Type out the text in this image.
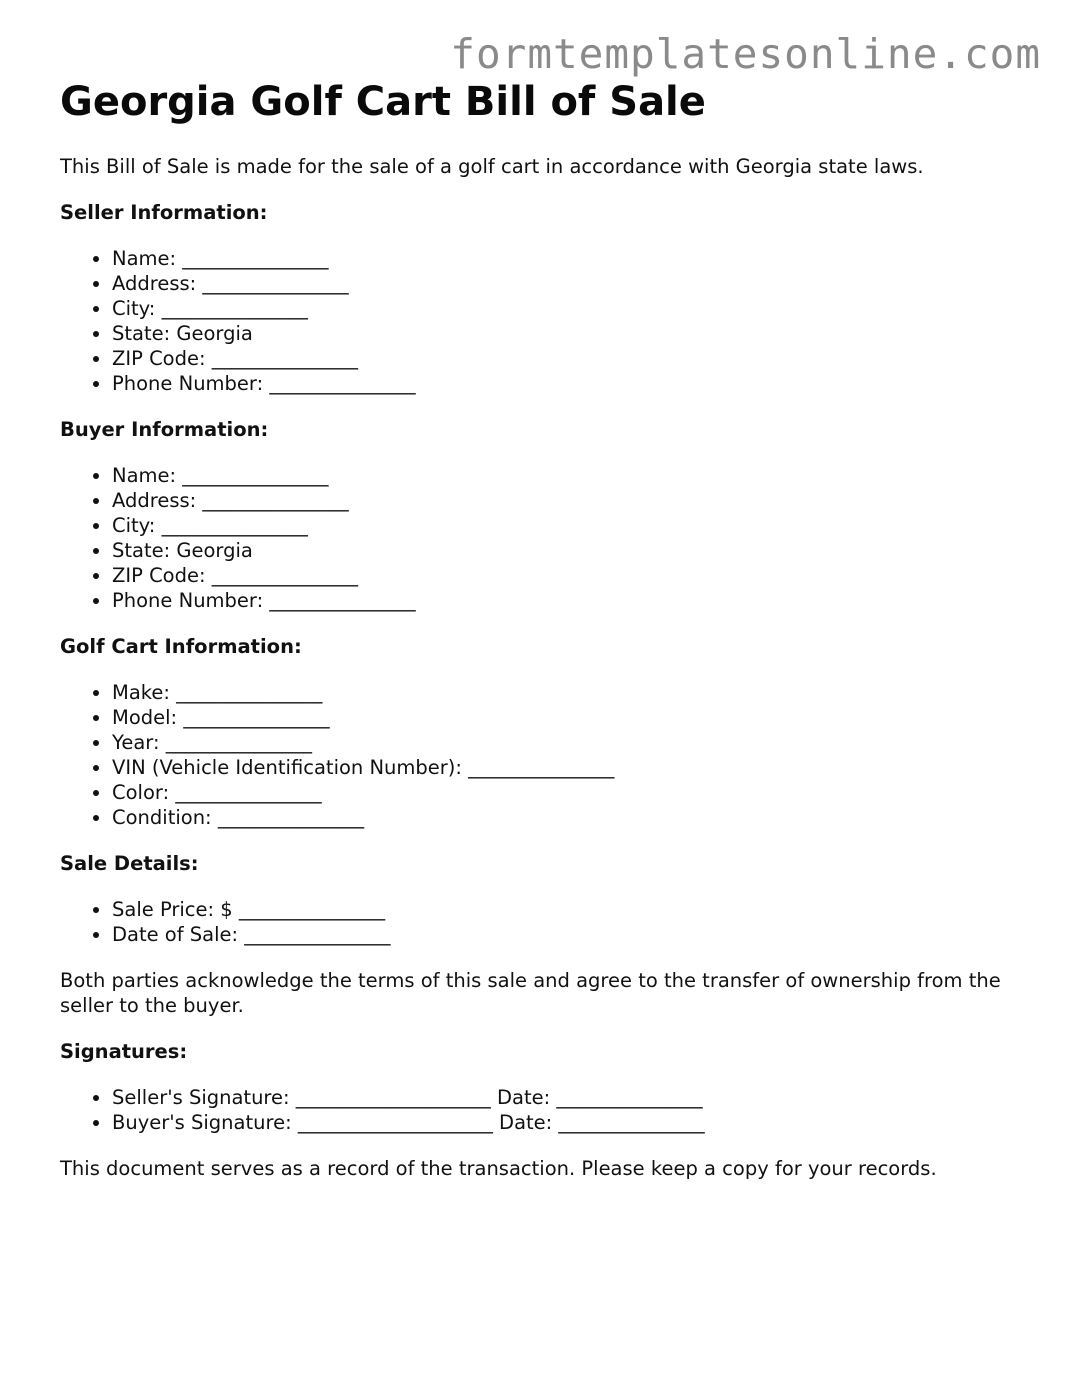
formtemplatesonline.com
Georgia Golf Cart Bill of Sale

This Bill of Sale is made for the sale of a golf cart in accordance with Georgia state laws.

Seller Information:
• Name: _______________
• Address: _______________
• City: _______________
• State: Georgia
• ZIP Code: _______________
• Phone Number: _______________
Buyer Information:
• Name: _______________
• Address: _______________
• City: _______________
• State: Georgia
• ZIP Code: _______________
• Phone Number: _______________
Golf Cart Information:
• Make: _______________
• Model: _______________
• Year: _______________
• VIN (Vehicle Identification Number): _______________
• Color: _______________
• Condition: _______________
Sale Details:
• Sale Price: $ _______________
• Date of Sale: _______________

Both parties acknowledge the terms of this sale and agree to the transfer of ownership from the seller to the buyer.

Signatures:
• Seller's Signature: ____________________ Date: _______________
• Buyer's Signature: ____________________ Date: _______________

This document serves as a record of the transaction. Please keep a copy for your records.
